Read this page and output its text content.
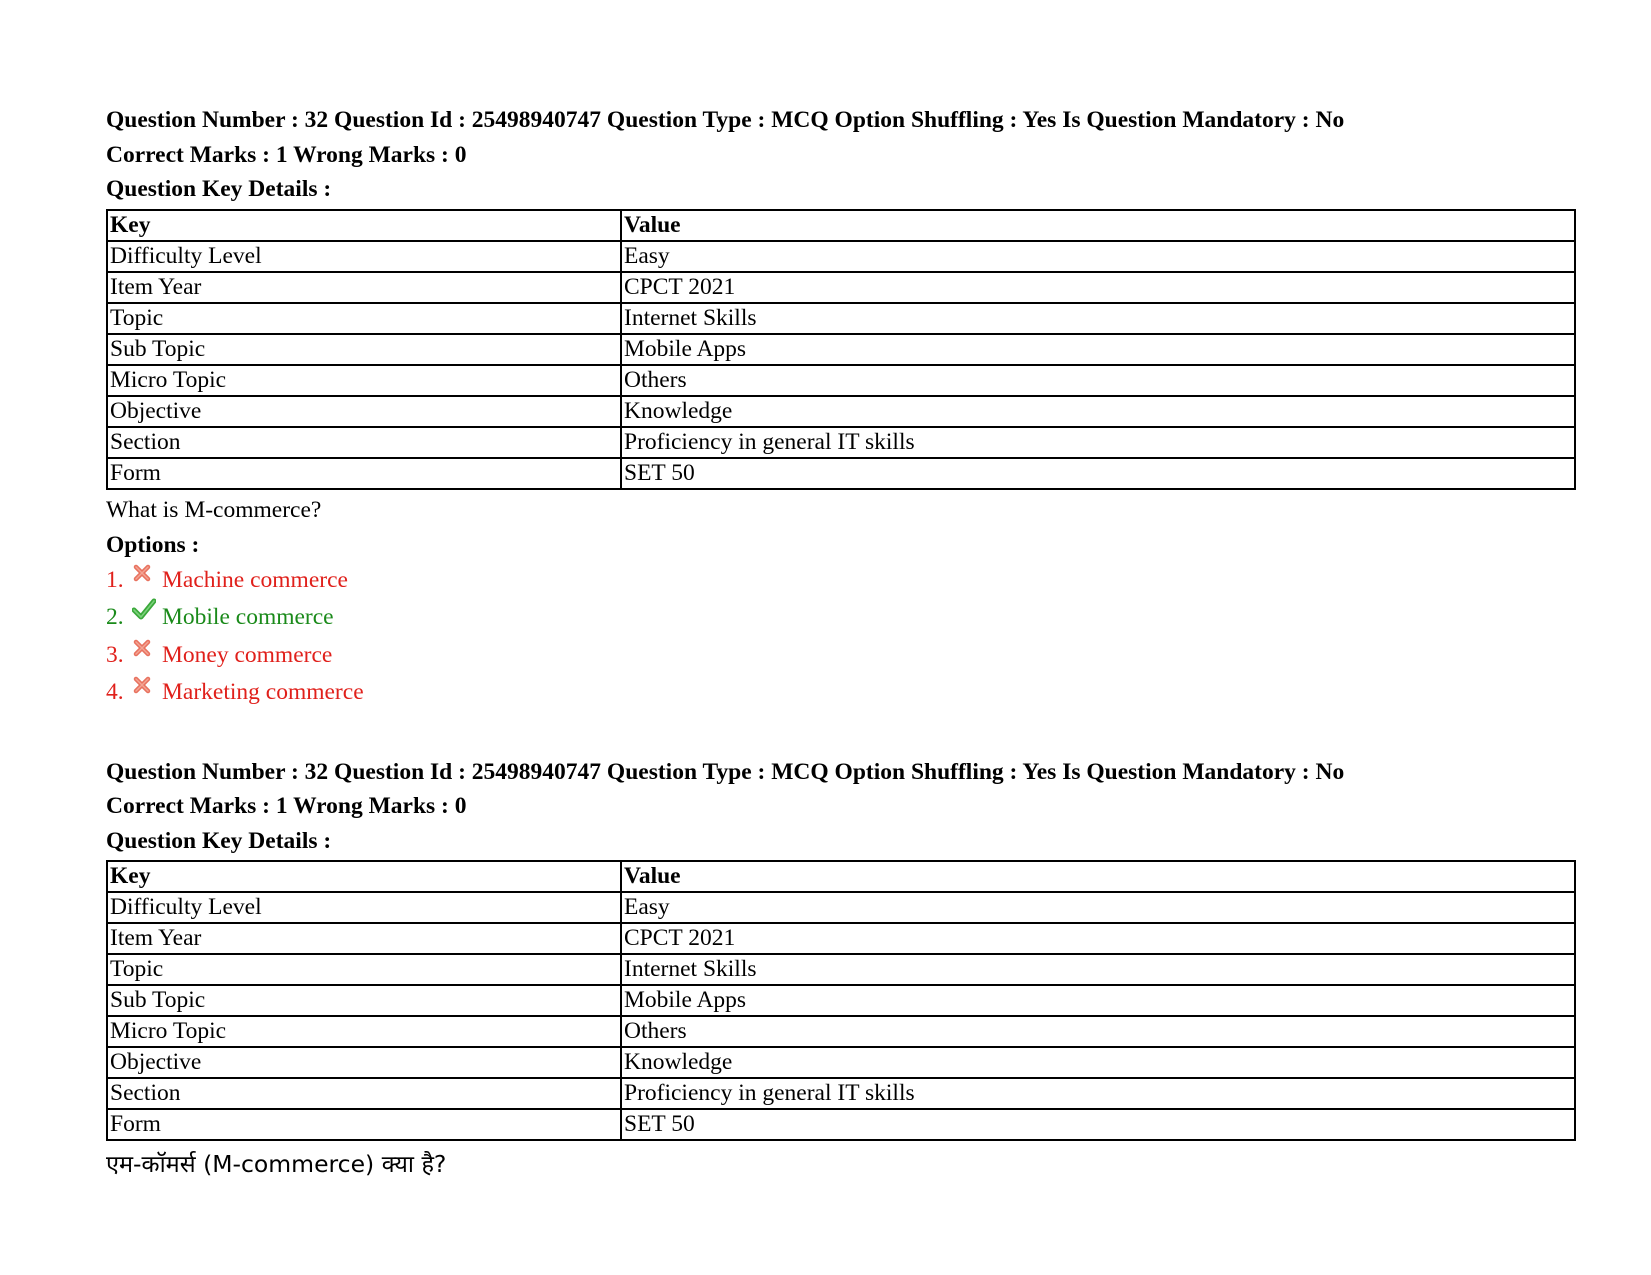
Question Number : 32 Question Id : 25498940747 Question Type : MCQ Option Shuffling : Yes Is Question Mandatory : No
Correct Marks : 1 Wrong Marks : 0
Question Key Details :
Key	Value
Difficulty Level	Easy
Item Year	CPCT 2021
Topic	Internet Skills
Sub Topic	Mobile Apps
Micro Topic	Others
Objective	Knowledge
Section	Proficiency in general IT skills
Form	SET 50
What is M-commerce?
Options :
1.	Machine commerce
2.	Mobile commerce
3.	Money commerce
4.	Marketing commerce
Question Number : 32 Question Id : 25498940747 Question Type : MCQ Option Shuffling : Yes Is Question Mandatory : No
Correct Marks : 1 Wrong Marks : 0
Question Key Details :
Key	Value
Difficulty Level	Easy
Item Year	CPCT 2021
Topic	Internet Skills
Sub Topic	Mobile Apps
Micro Topic	Others
Objective	Knowledge
Section	Proficiency in general IT skills
Form	SET 50
एम-कॉमर्स (M-commerce) क्या है?
